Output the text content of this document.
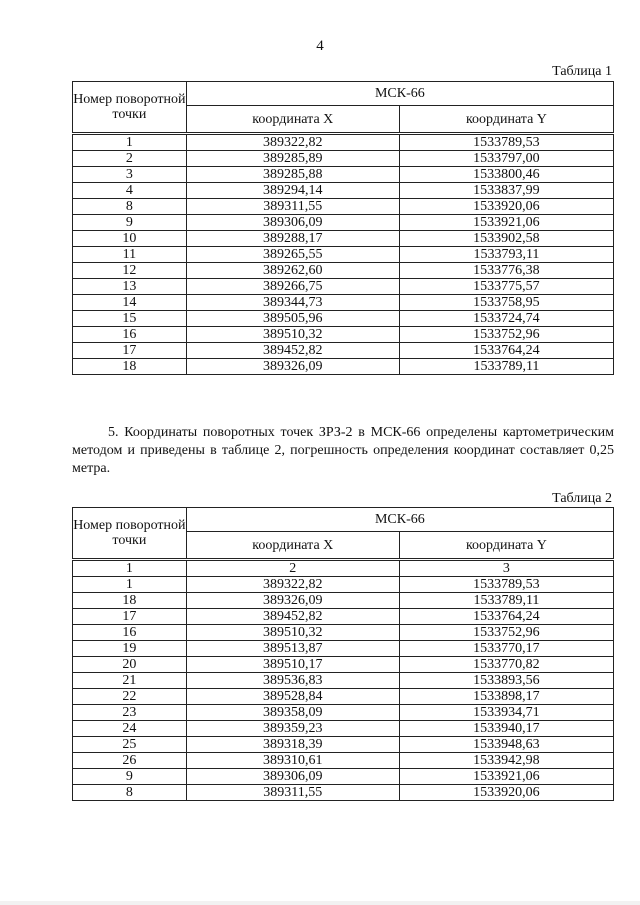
4
Таблица 1
Номер поворотной точки	МСК-66	
	координата X	координата Y
1	389322,82	1533789,53
2	389285,89	1533797,00
3	389285,88	1533800,46
4	389294,14	1533837,99
8	389311,55	1533920,06
9	389306,09	1533921,06
10	389288,17	1533902,58
11	389265,55	1533793,11
12	389262,60	1533776,38
13	389266,75	1533775,57
14	389344,73	1533758,95
15	389505,96	1533724,74
16	389510,32	1533752,96
17	389452,82	1533764,24
18	389326,09	1533789,11
5. Координаты поворотных точек ЗРЗ-2 в МСК-66 определены картометрическим методом и приведены в таблице 2, погрешность определения координат составляет 0,25 метра.
Таблица 2
Номер поворотной точки	МСК-66	
	координата X	координата Y
1	2	3
1	389322,82	1533789,53
18	389326,09	1533789,11
17	389452,82	1533764,24
16	389510,32	1533752,96
19	389513,87	1533770,17
20	389510,17	1533770,82
21	389536,83	1533893,56
22	389528,84	1533898,17
23	389358,09	1533934,71
24	389359,23	1533940,17
25	389318,39	1533948,63
26	389310,61	1533942,98
9	389306,09	1533921,06
8	389311,55	1533920,06
